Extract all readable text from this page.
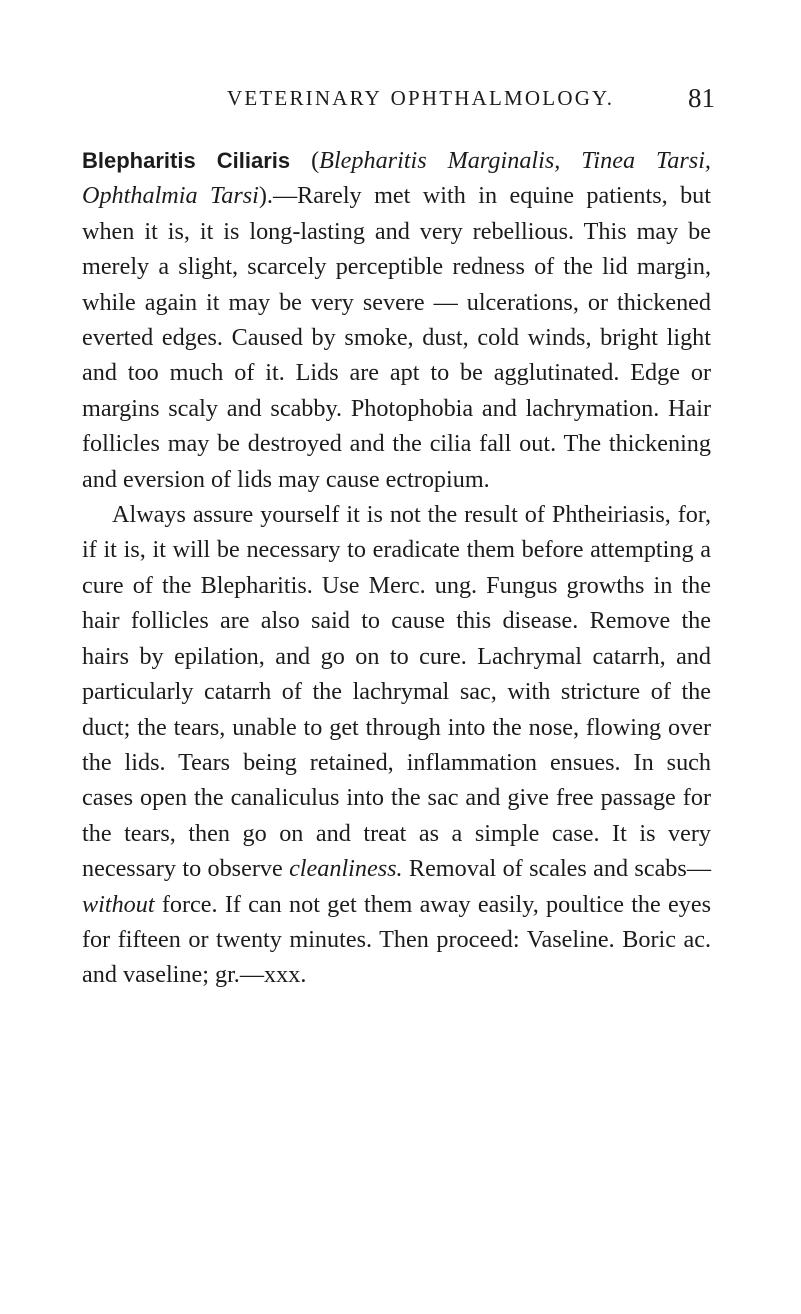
VETERINARY OPHTHALMOLOGY.	81

Blepharitis Ciliaris (Blepharitis Marginalis, Tinea Tarsi, Ophthalmia Tarsi).—Rarely met with in equine patients, but when it is, it is long-lasting and very rebellious. This may be merely a slight, scarcely perceptible redness of the lid margin, while again it may be very severe — ulcerations, or thickened everted edges. Caused by smoke, dust, cold winds, bright light and too much of it. Lids are apt to be agglutinated. Edge or margins scaly and scabby. Photophobia and lachrymation. Hair follicles may be destroyed and the cilia fall out. The thickening and eversion of lids may cause ectropium.

Always assure yourself it is not the result of Phtheiriasis, for, if it is, it will be necessary to eradicate them before attempting a cure of the Blepharitis. Use Merc. ung. Fungus growths in the hair follicles are also said to cause this disease. Remove the hairs by epilation, and go on to cure. Lachrymal catarrh, and particularly catarrh of the lachrymal sac, with stricture of the duct; the tears, unable to get through into the nose, flowing over the lids. Tears being retained, inflammation ensues. In such cases open the canaliculus into the sac and give free passage for the tears, then go on and treat as a simple case. It is very necessary to observe cleanliness. Removal of scales and scabs—without force. If can not get them away easily, poultice the eyes for fifteen or twenty minutes. Then proceed: Vaseline. Boric ac. and vaseline; gr.—xxx.
